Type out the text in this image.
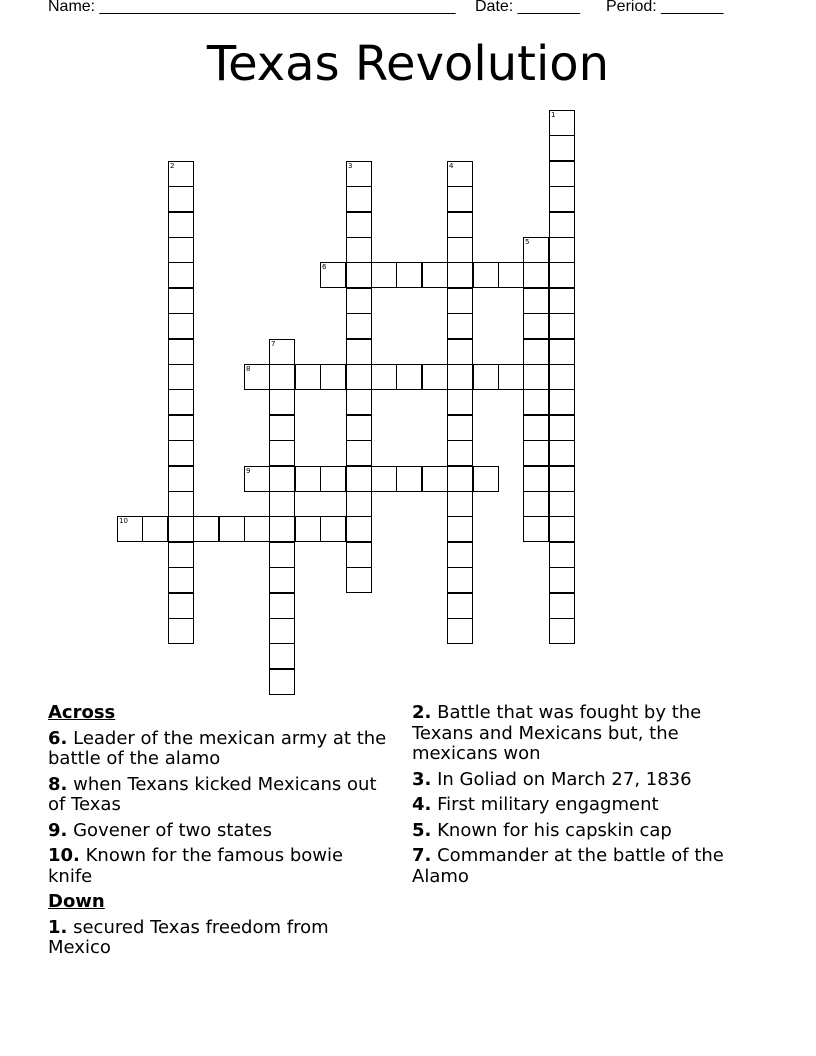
Name: ________________________________________ Date: _______ Period: _______
Texas Revolution
1
2	3	4
5
6
7
8
9
10
Across
6. Leader of the mexican army at the battle of the alamo
8. when Texans kicked Mexicans out of Texas
9. Govener of two states
10. Known for the famous bowie knife
Down
1. secured Texas freedom from Mexico
2. Battle that was fought by the Texans and Mexicans but, the mexicans won
3. In Goliad on March 27, 1836
4. First military engagment
5. Known for his capskin cap
7. Commander at the battle of the Alamo
